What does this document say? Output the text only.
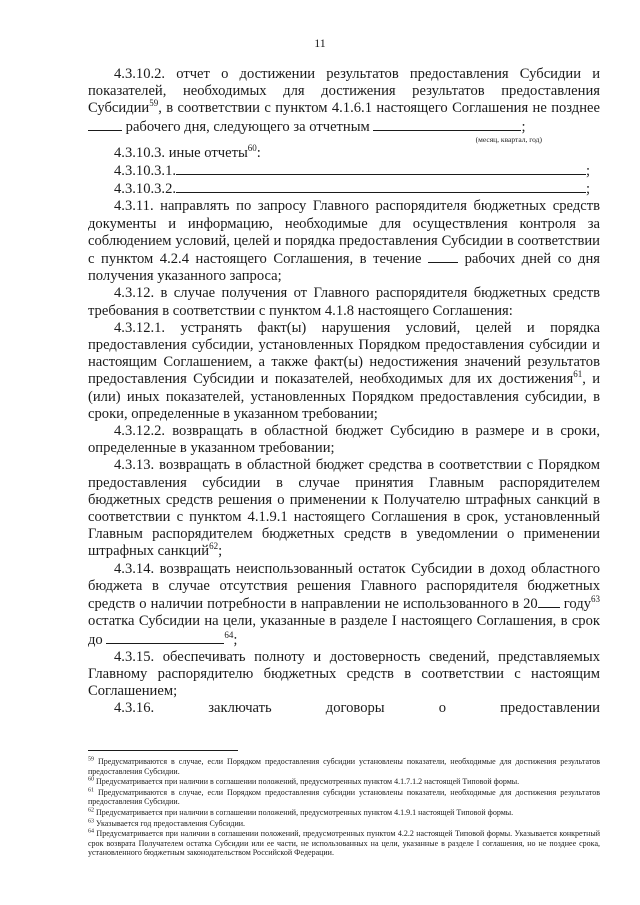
11

4.3.10.2. отчет о достижении результатов предоставления Субсидии и показателей, необходимых для достижения результатов предоставления Субсидии$^{59}$, в соответствии с пунктом 4.1.6.1 настоящего Соглашения не позднее  рабочего дня, следующего за отчетным	;

(месяц, квартал, год)

4.3.10.3. иные отчеты$^{60}$:

4.3.10.3.1.	;

4.3.10.3.2.	;

4.3.11. направлять по запросу Главного распорядителя бюджетных средств документы и информацию, необходимые для осуществления контроля за соблюдением условий, целей и порядка предоставления Субсидии в соответствии с пунктом 4.2.4 настоящего Соглашения, в течение	рабочих дней со дня получения указанного запроса;

4.3.12. в случае получения от Главного распорядителя бюджетных средств требования в соответствии с пунктом 4.1.8 настоящего Соглашения:

4.3.12.1. устранять факт(ы) нарушения условий, целей и порядка предоставления субсидии, установленных Порядком предоставления субсидии и настоящим Соглашением, а также факт(ы) недостижения значений результатов предоставления Субсидии и показателей, необходимых для их достижения$^{61}$, и (или) иных показателей, установленных Порядком предоставления субсидии, в сроки, определенные в указанном требовании;

4.3.12.2. возвращать в областной бюджет Субсидию в размере и в сроки, определенные в указанном требовании;

4.3.13. возвращать в областной бюджет средства в соответствии с Порядком предоставления субсидии в случае принятия Главным распорядителем бюджетных средств решения о применении к Получателю штрафных санкций в соответствии с пунктом 4.1.9.1 настоящего Соглашения в срок, установленный Главным распорядителем бюджетных средств в уведомлении о применении штрафных санкций$^{62}$;

4.3.14. возвращать неиспользованный остаток Субсидии в доход областного бюджета в случае отсутствия решения Главного распорядителя бюджетных средств о наличии потребности в направлении не использованного в 20 году$^{63}$ остатка Субсидии на цели, указанные в разделе I настоящего Соглашения, в срок до	$^{64}$;

4.3.15. обеспечивать полноту и достоверность сведений, представляемых Главному распорядителю бюджетных средств в соответствии с настоящим Соглашением;

4.3.16.	заключать	договоры	о	предоставлении

$^{59}$ Предусматриваются в случае, если Порядком предоставления субсидии установлены показатели, необходимые для достижения результатов предоставления Субсидии.

$^{60}$ Предусматривается при наличии в соглашении положений, предусмотренных пунктом 4.1.7.1.2 настоящей Типовой формы.

$^{61}$ Предусматриваются в случае, если Порядком предоставления субсидии установлены показатели, необходимые для достижения результатов предоставления Субсидии.

$^{62}$ Предусматривается при наличии в соглашении положений, предусмотренных пунктом 4.1.9.1 настоящей Типовой формы.

$^{63}$ Указывается год предоставления Субсидии.

$^{64}$ Предусматривается при наличии в соглашении положений, предусмотренных пунктом 4.2.2 настоящей Типовой формы. Указывается конкретный срок возврата Получателем остатка Субсидии или ее части, не использованных на цели, указанные в разделе I соглашения, но не позднее срока, установленного бюджетным законодательством Российской Федерации.
